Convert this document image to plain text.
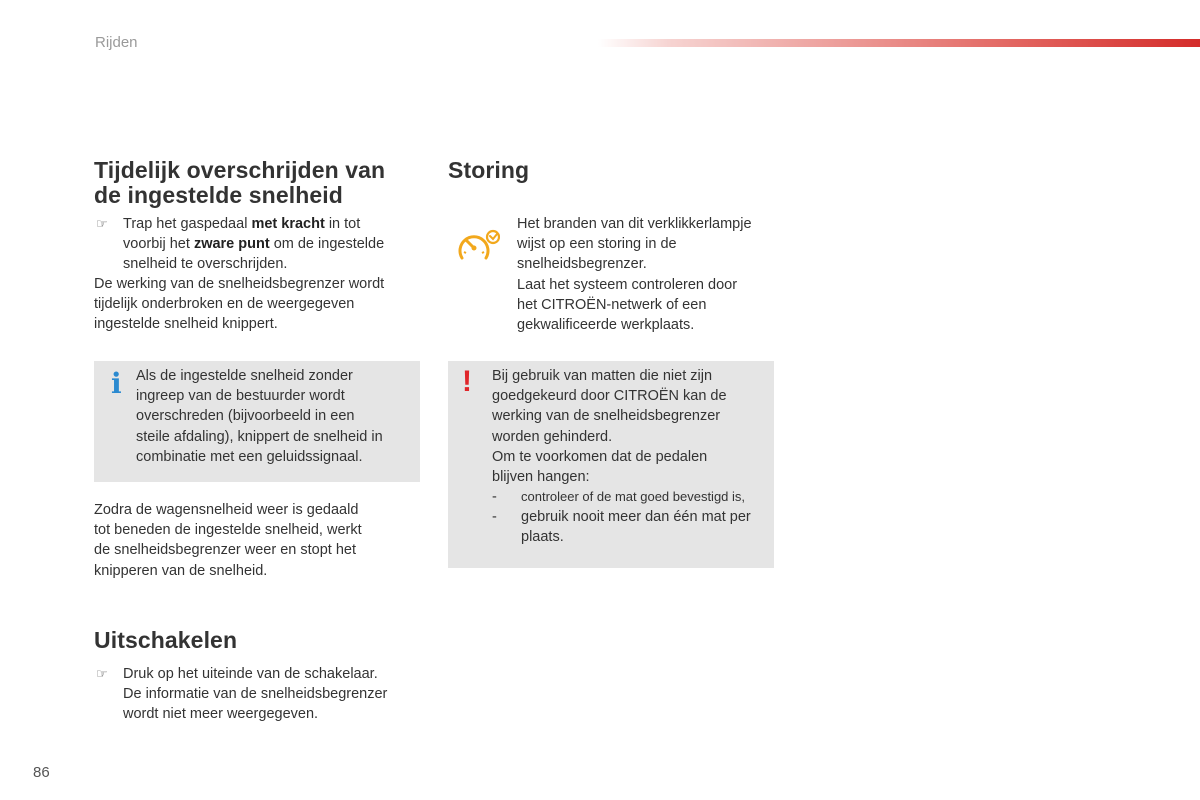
Rijden
Tijdelijk overschrijden van
de ingestelde snelheid
☞ Trap het gaspedaal met kracht in tot
voorbij het zware punt om de ingestelde
snelheid te overschrijden.

De werking van de snelheidsbegrenzer wordt
tijdelijk onderbroken en de weergegeven
ingestelde snelheid knippert.

i Als de ingestelde snelheid zonder
ingreep van de bestuurder wordt
overschreden (bijvoorbeeld in een
steile afdaling), knippert de snelheid in
combinatie met een geluidssignaal.

Zodra de wagensnelheid weer is gedaald
tot beneden de ingestelde snelheid, werkt
de snelheidsbegrenzer weer en stopt het
knipperen van de snelheid.

Uitschakelen
☞ Druk op het uiteinde van de schakelaar.
De informatie van de snelheidsbegrenzer
wordt niet meer weergegeven.

Storing

Het branden van dit verklikkerlampje
wijst op een storing in de
snelheidsbegrenzer.
Laat het systeem controleren door
het CITROËN-netwerk of een
gekwalificeerde werkplaats.

! Bij gebruik van matten die niet zijn
goedgekeurd door CITROËN kan de
werking van de snelheidsbegrenzer
worden gehinderd.
Om te voorkomen dat de pedalen
blijven hangen:

- controleer of de mat goed bevestigd is,
- gebruik nooit meer dan één mat per
plaats.
86
